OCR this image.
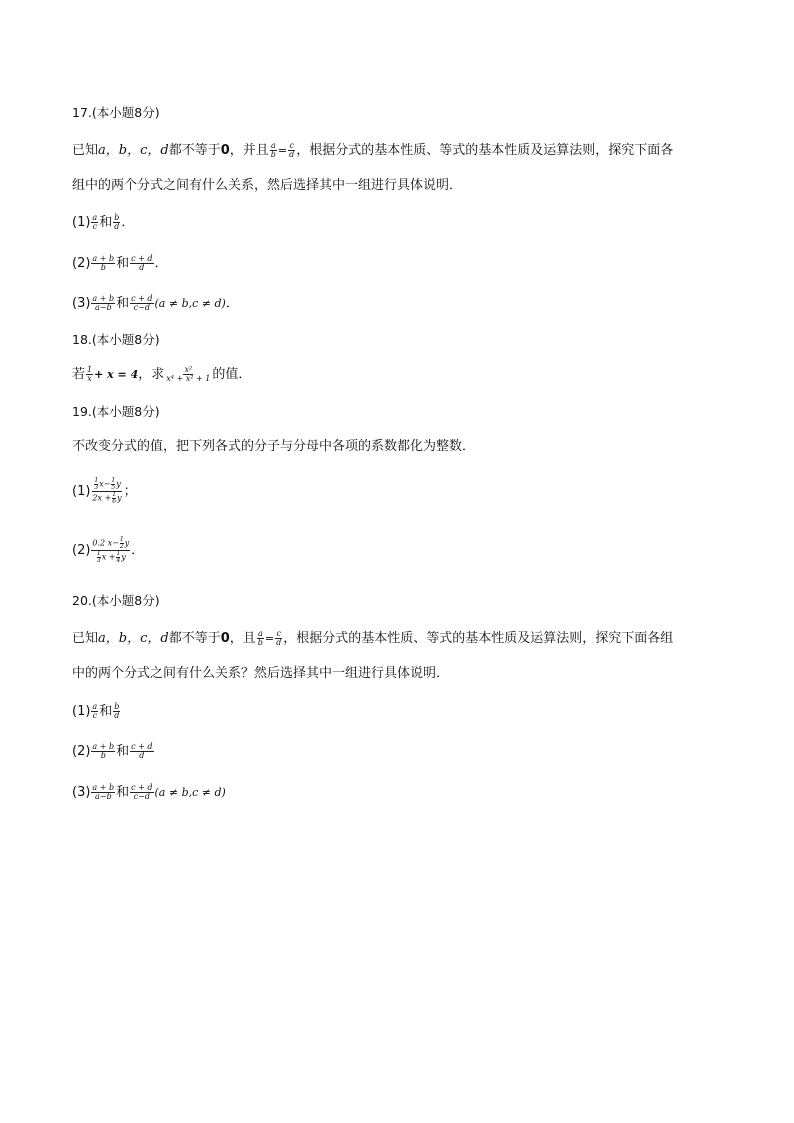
17.(本小题8分)
已知 a，b，c，d 都不等于 0 ，并且 $\frac{a}{b} = \frac{c}{d}$ ，根据分式的基本性质、等式的基本性质及运算法则，探究下面各
组中的两个分式之间有什么关系，然后选择其中一组进行具体说明．
$(1) \frac{a}{c}$ 和 $\frac{b}{d}$ ．
$(2) \frac{a + b}{b}$ 和 $\frac{c + d}{d}$ ．
$(3) \frac{a + b}{a-b}$ 和 $\frac{c + d}{c-d} (a \ne b,c \ne d)$ ．
18.(本小题8分)
若 $\frac{1}{x} + x = 4$ ，求 $\frac{\text{x²}}{\text{x⁴ + x² + 1}}$ 的值．
19.(本小题8分)
不改变分式的值，把下列各式的分子与分母中各项的系数都化为整数．
$(1) \frac{\frac{1}{3} x- \frac{1}{5} y}{2x + \frac{1}{6} y}$ ；
$(2) \frac{0.2 x- \frac{1}{2} y}{\frac{1}{3} x + \frac{1}{4} y}$ ．
20.(本小题8分)
已知 a，b，c，d 都不等于 0 ，且 $\frac{a}{b} = \frac{c}{d}$ ，根据分式的基本性质、等式的基本性质及运算法则，探究下面各组
中的两个分式之间有什么关系？然后选择其中一组进行具体说明．
$(1) \frac{a}{c}$ 和 $\frac{b}{d}$
$(2) \frac{a + b}{b}$ 和 $\frac{c + d}{d}$
$(3) \frac{a + b}{a-b}$ 和 $\frac{c + d}{c-d} (a \ne b,c \ne d)$
